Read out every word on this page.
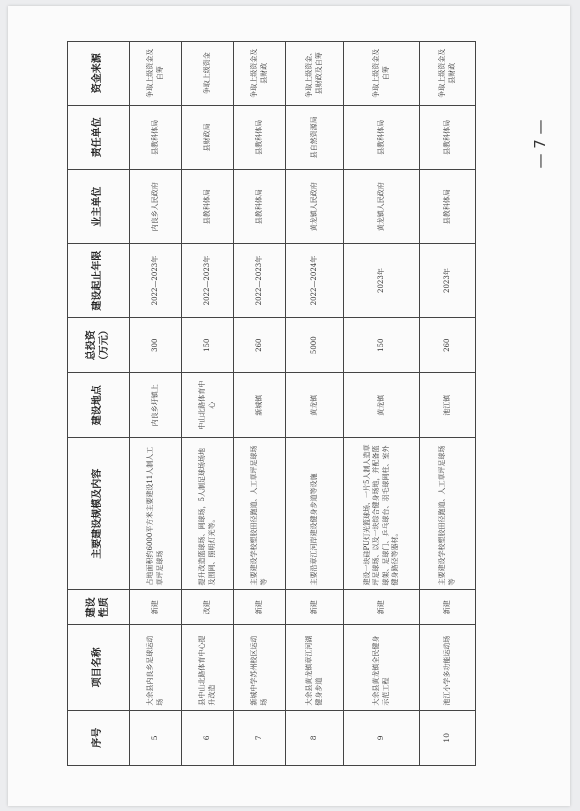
— 7 —
序号	项目名称	建设性质	主要建设规模及内容	建设地点	总投资（万元）	建设起止年限	业主单位	责任单位	资金来源
5	大余县内良乡足球运动场	新建	占地面积约6000平方米主要建设11人制人工草坪足球场	内良乡圩镇上	300	2022—2023年	内良乡人民政府	县教科体局	争取上级资金及自筹
6	县中山北路体育中心提升改造	改建	提升改造篮球场、网球场，5人制足球场场地及围网、照明灯光等。	中山北路体育中心	150	2022—2023年	县教科体局	县财政局	争取上级资金
7	新城中学苏州校区运动场	新建	主要建设学校塑胶田径跑道、人工草坪足球场等	新城镇	260	2022—2023年	县教科体局	县教科体局	争取上级资金及县财政
8	大余县黄龙镇章江河湖健身步道	新建	主要沿章江河岸建设健身步道等设施	黄龙镇	5000	2022—2024年	黄龙镇人民政府	县自然资源局	争取上级资金、县财政及自筹
9	大余县黄龙镇全民健身示范工程	新建	建设一块硅PU灯光篮球场、一片5人制人造草坪足球场、以及一块综合健身场地，并配备篮球架、足球门、乒乓球台、羽毛球网柱、室外健身路径等器材。	黄龙镇	150	2023年	黄龙镇人民政府	县教科体局	争取上级资金及自筹
10	池江小学多功能运动场	新建	主要建设学校塑胶田径跑道、人工草坪足球场等	池江镇	260	2023年	县教科体局	县教科体局	争取上级资金及县财政
